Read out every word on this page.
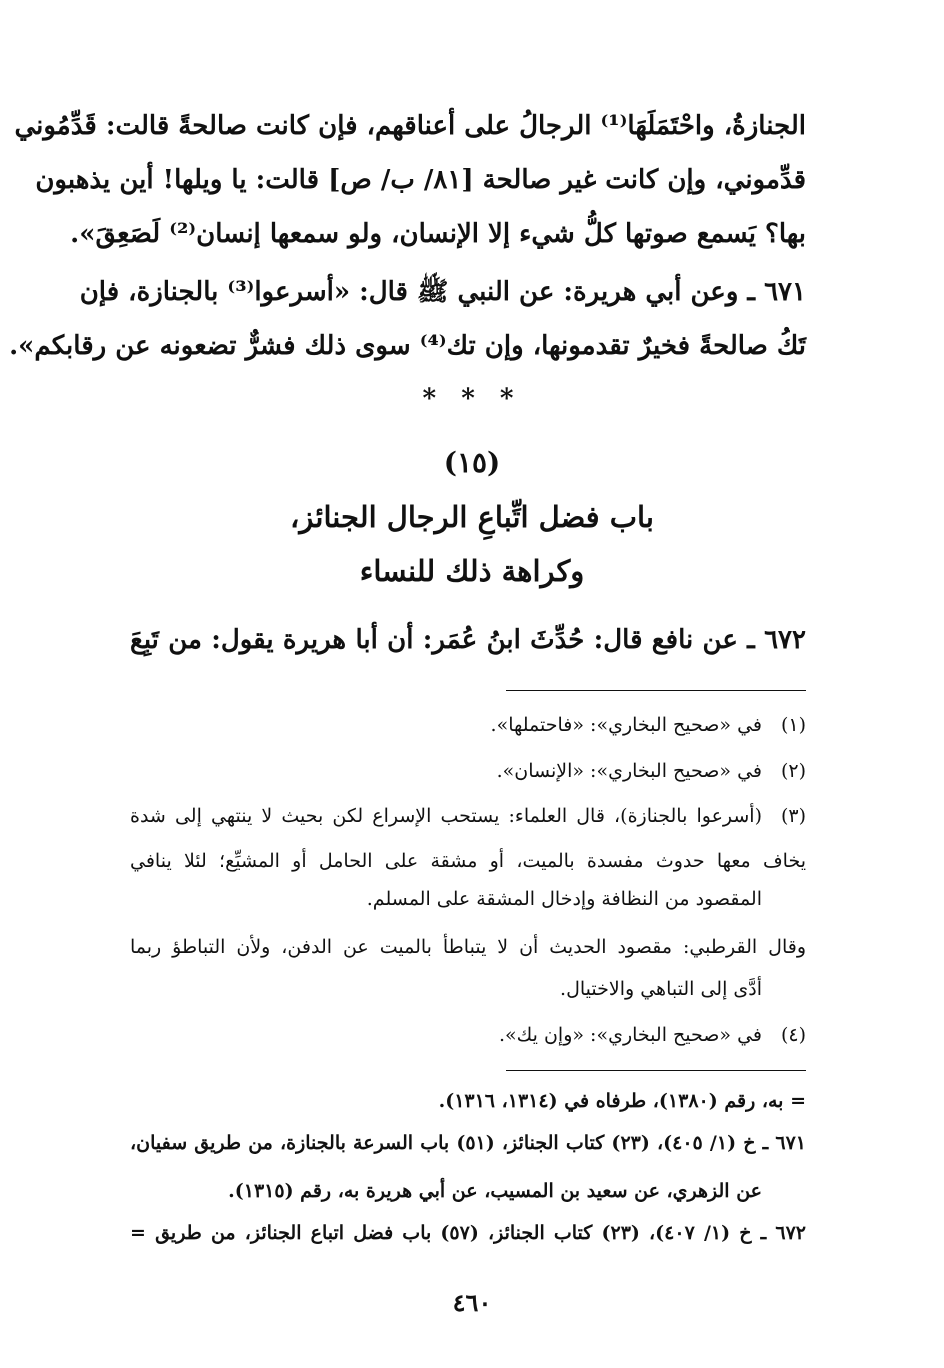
الجنازةُ، واحْتَمَلَهَا⁽¹⁾ الرجالُ على أعناقهم، فإن كانت صالحةً قالت: قَدِّمُوني
قدِّموني، وإن كانت غير صالحة [٨١/ ب/ ص] قالت: يا ويلها! أين يذهبون
بها؟ يَسمع صوتها كلُّ شيء إلا الإنسان، ولو سمعها إنسان⁽²⁾ لَصَعِقَ».
٦٧١ ـ وعن أبي هريرة: عن النبي ﷺ قال: «أسرعوا⁽³⁾ بالجنازة، فإن
تَكُ صالحةً فخيرٌ تقدمونها، وإن تك⁽⁴⁾ سوى ذلك فشرٌّ تضعونه عن رقابكم».
* * *
(١٥)
باب فضل اتِّباعِ الرجال الجنائز،
وكراهة ذلك للنساء
٦٧٢ ـ عن نافع قال: حُدِّثَ ابنُ عُمَر: أن أبا هريرة يقول: من تَبِعَ
(١)
في «صحيح البخاري»: «فاحتملها».
(٢)
في «صحيح البخاري»: «الإنسان».
(٣)
(أسرعوا بالجنازة)، قال العلماء: يستحب الإسراع لكن بحيث لا ينتهي إلى شدة
يخاف معها حدوث مفسدة بالميت، أو مشقة على الحامل أو المشيِّع؛ لئلا ينافي
المقصود من النظافة وإدخال المشقة على المسلم.
وقال القرطبي: مقصود الحديث أن لا يتباطأ بالميت عن الدفن، ولأن التباطؤ ربما
أدَّى إلى التباهي والاختيال.
(٤)
في «صحيح البخاري»: «وإن يك».
= به، رقم (١٣٨٠)، طرفاه في (١٣١٤، ١٣١٦).
٦٧١ ـ خ (١/ ٤٠٥)، (٢٣) كتاب الجنائز، (٥١) باب السرعة بالجنازة، من طريق سفيان،
عن الزهري، عن سعيد بن المسيب، عن أبي هريرة به، رقم (١٣١٥).
٦٧٢ ـ خ (١/ ٤٠٧)، (٢٣) كتاب الجنائز، (٥٧) باب فضل اتباع الجنائز، من طريق =
٤٦٠
